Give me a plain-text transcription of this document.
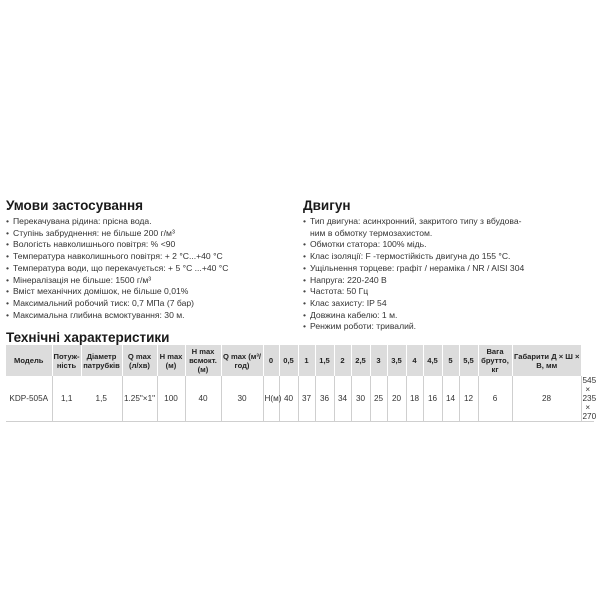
Умови застосування
• Перекачувана рідина: прісна вода.
• Ступінь забруднення: не більше 200 г/м³
• Вологість навколишнього повітря: % <90
• Температура навколишнього повітря: + 2 °C...+40 °C
• Температура води, що перекачується: + 5 °C ...+40 °C
• Мінералізація не більше: 1500 г/м³
• Вміст механічних домішок, не більше 0,01%
• Максимальний робочий тиск: 0,7 МПа (7 бар)
• Максимальна глибина всмоктування: 30 м.
Двигун
• Тип двигуна: асинхронний, закритого типу з вбудова-
ним в обмотку термозахистом.
• Обмотки статора: 100% мідь.
• Клас ізоляції: F -термостійкість двигуна до 155 °C.
• Ущільнення торцеве: графіт / нераміка / NR / AISI 304
• Напруга: 220-240 В
• Частота: 50 Гц
• Клас захисту: IP 54
• Довжина кабелю: 1 м.
• Ренжим роботи: тривалий.
Технічні характеристики
Модель	Потуж-ність	Діаметр патрубків	Q max (л/хв)	H max (м)	H max всмокт. (м)	Q max (м³/год)	0	0,5	1	1,5	2	2,5	3	3,5	4	4,5	5	5,5	Вага брутто, кг	Габарити Д × Ш × В, мм	
KDP-505A	1,1	1,5	1.25"×1"	100	40	30	H(м)	40	37	36	34	30	25	20	18	16	14	12	6	28	545 × 235 × 270
